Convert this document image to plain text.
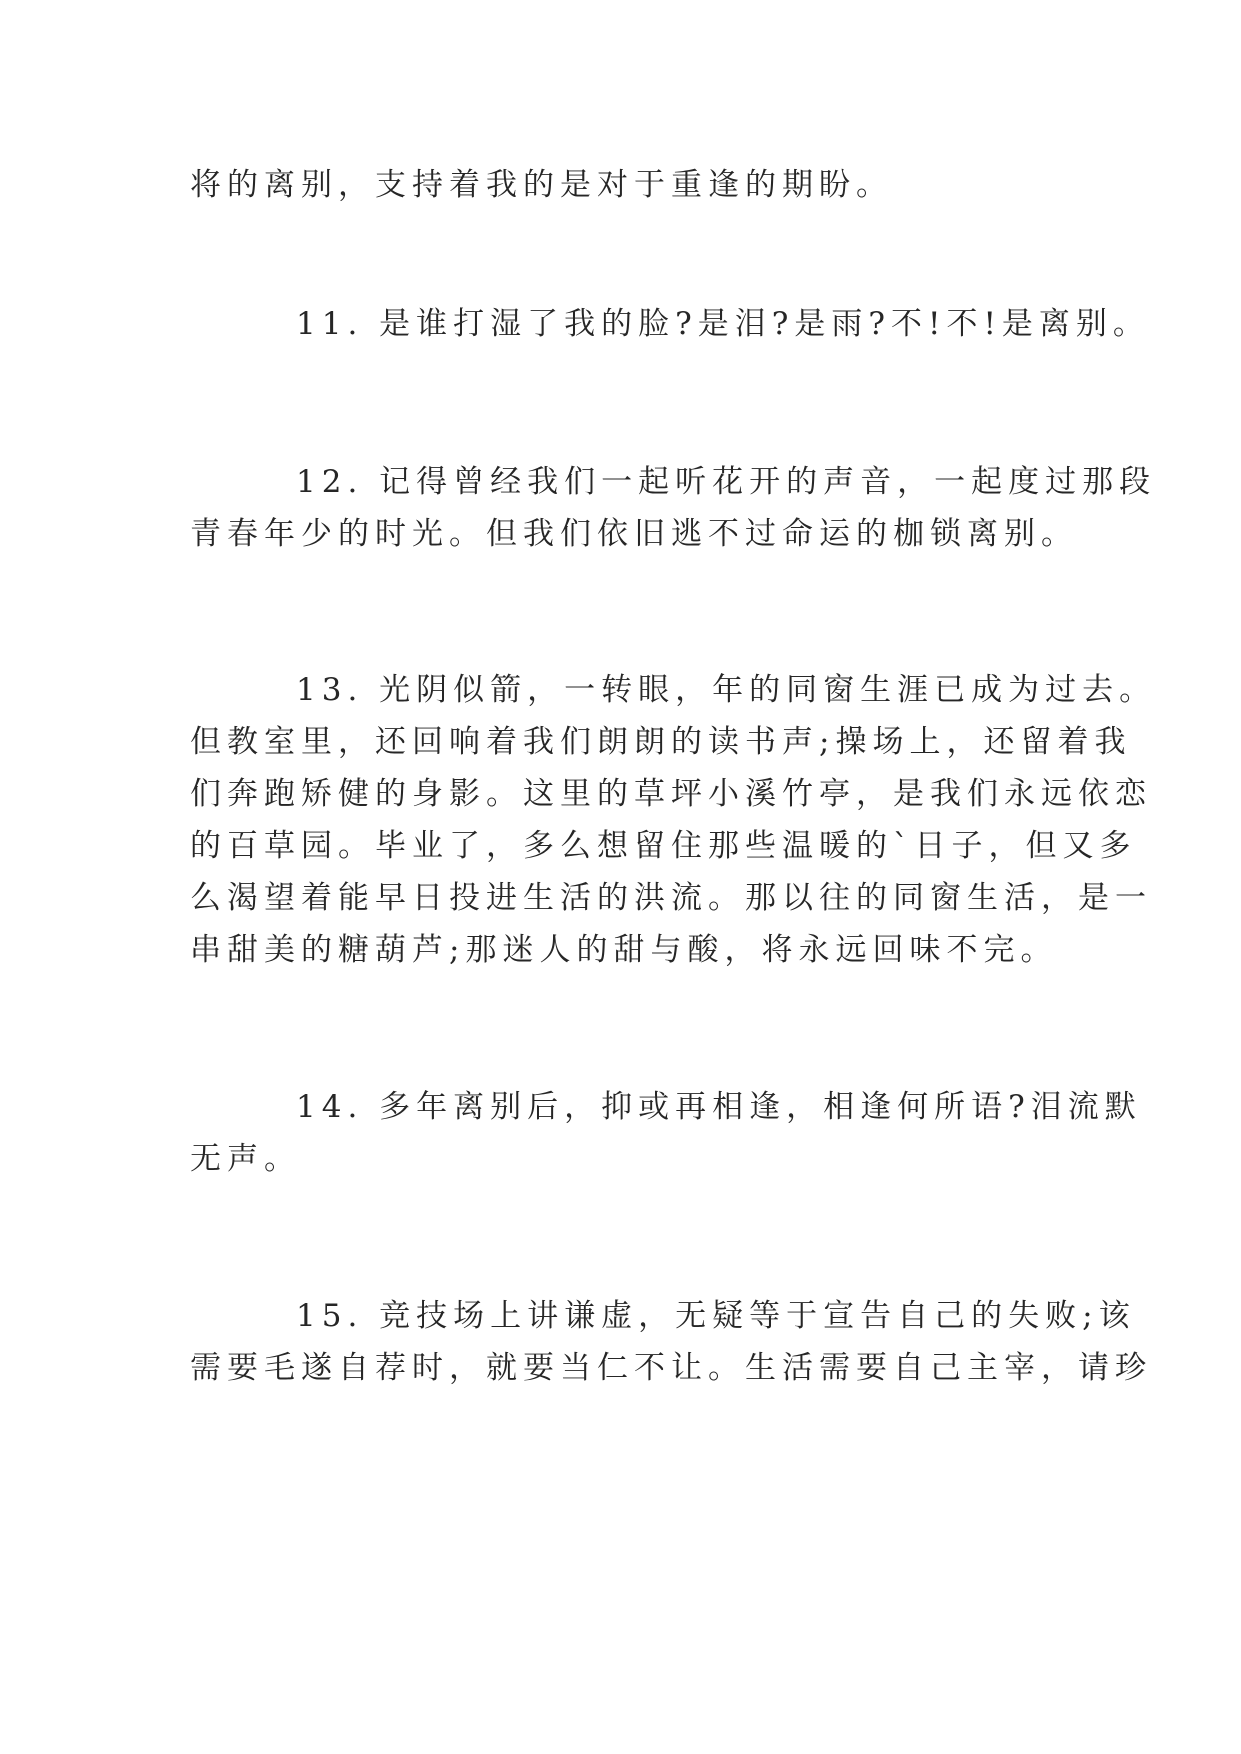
将的离别，支持着我的是对于重逢的期盼。

11. 是谁打湿了我的脸?是泪?是雨?不!不!是离别。

12. 记得曾经我们一起听花开的声音，一起度过那段

青春年少的时光。但我们依旧逃不过命运的枷锁离别。

13. 光阴似箭，一转眼，年的同窗生涯已成为过去。

但教室里，还回响着我们朗朗的读书声;操场上，还留着我

们奔跑矫健的身影。这里的草坪小溪竹亭，是我们永远依恋

的百草园。毕业了，多么想留住那些温暖的`日子，但又多

么渴望着能早日投进生活的洪流。那以往的同窗生活，是一

串甜美的糖葫芦;那迷人的甜与酸，将永远回味不完。

14. 多年离别后，抑或再相逢，相逢何所语?泪流默

无声。

15. 竞技场上讲谦虚，无疑等于宣告自己的失败;该

需要毛遂自荐时，就要当仁不让。生活需要自己主宰，请珍
